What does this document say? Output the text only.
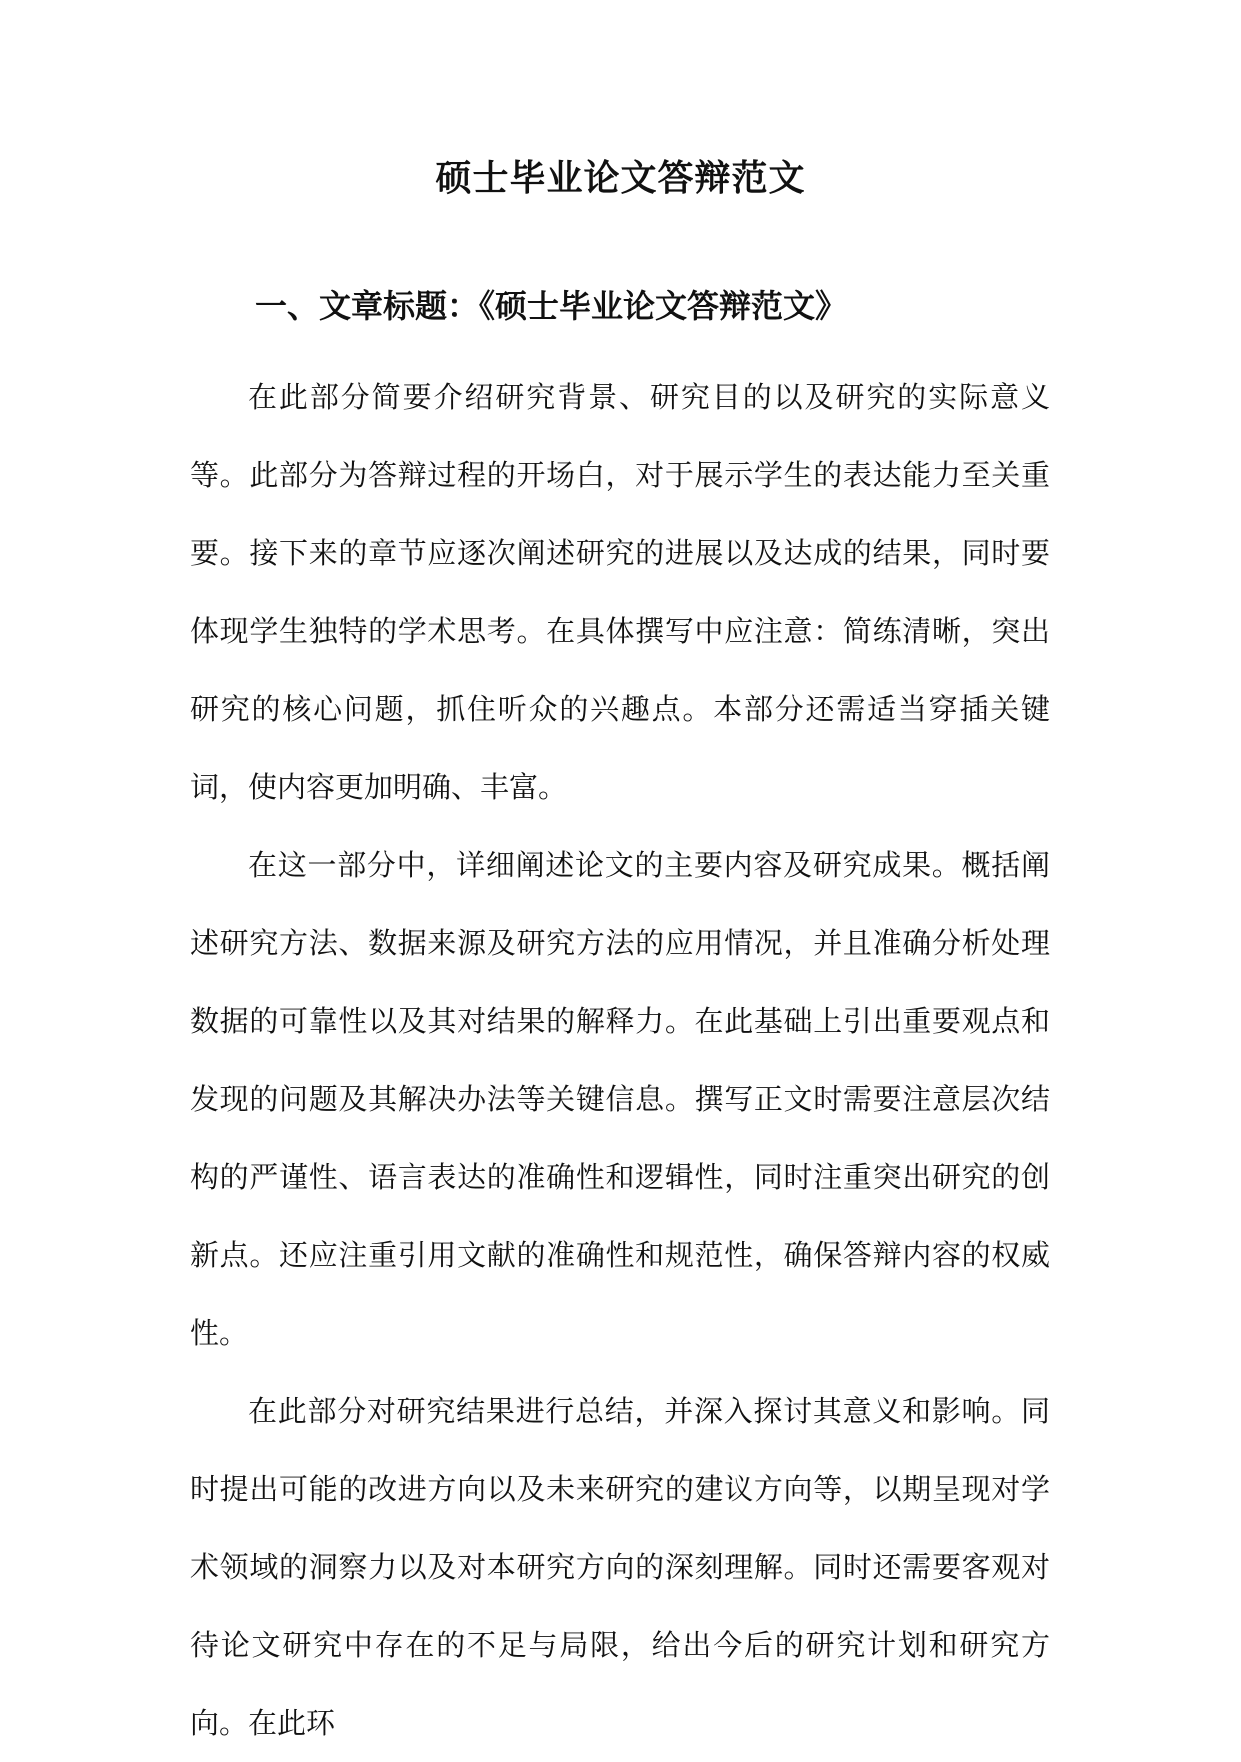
硕士毕业论文答辩范文
一、文章标题：《硕士毕业论文答辩范文》

在此部分简要介绍研究背景、研究目的以及研究的实际意义等。此部分为答辩过程的开场白，对于展示学生的表达能力至关重要。接下来的章节应逐次阐述研究的进展以及达成的结果，同时要体现学生独特的学术思考。在具体撰写中应注意：简练清晰，突出研究的核心问题，抓住听众的兴趣点。本部分还需适当穿插关键词，使内容更加明确、丰富。

在这一部分中，详细阐述论文的主要内容及研究成果。概括阐述研究方法、数据来源及研究方法的应用情况，并且准确分析处理数据的可靠性以及其对结果的解释力。在此基础上引出重要观点和发现的问题及其解决办法等关键信息。撰写正文时需要注意层次结构的严谨性、语言表达的准确性和逻辑性，同时注重突出研究的创新点。还应注重引用文献的准确性和规范性，确保答辩内容的权威性。

在此部分对研究结果进行总结，并深入探讨其意义和影响。同时提出可能的改进方向以及未来研究的建议方向等，以期呈现对学术领域的洞察力以及对本研究方向的深刻理解。同时还需要客观对待论文研究中存在的不足与局限，给出今后的研究计划和研究方向。在此环
